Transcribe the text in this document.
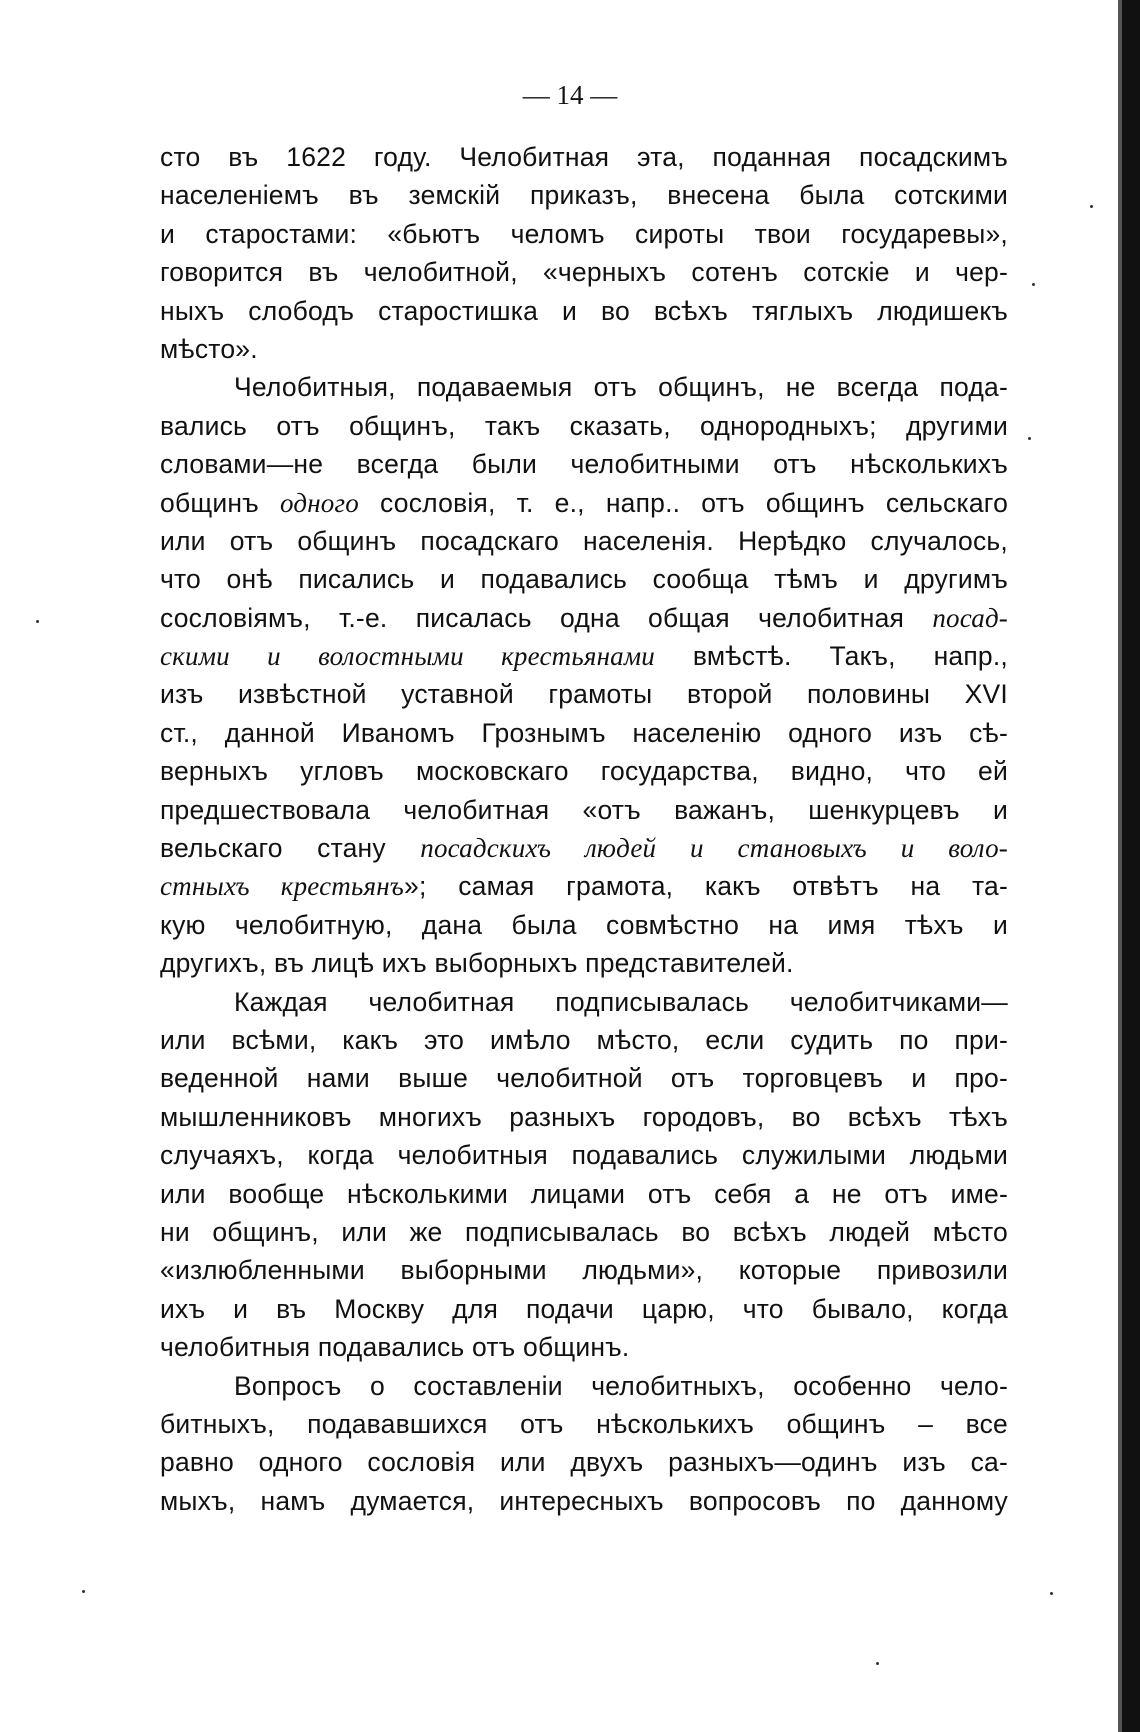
— 14 —
сто въ 1622 году. Челобитная эта, поданная посадскимъ
населеніемъ въ земскій приказъ, внесена была сотскими
и старостами: «бьютъ челомъ сироты твои государевы»,
говорится въ челобитной, «черныхъ сотенъ сотскіе и чер-
ныхъ слободъ старостишка и во всѣхъ тяглыхъ людишекъ
мѣсто».
Челобитныя, подаваемыя отъ общинъ, не всегда пода-
вались отъ общинъ, такъ сказать, однородныхъ; другими
словами—не всегда были челобитными отъ нѣсколькихъ
общинъ одного сословія, т. е., напр.. отъ общинъ сельскаго
или отъ общинъ посадскаго населенія. Нерѣдко случалось,
что онѣ писались и подавались сообща тѣмъ и другимъ
сословіямъ, т.-е. писалась одна общая челобитная посад-
скими и волостными крестьянами вмѣстѣ. Такъ, напр.,
изъ извѣстной уставной грамоты второй половины XVI
ст., данной Иваномъ Грознымъ населенію одного изъ сѣ-
верныхъ угловъ московскаго государства, видно, что ей
предшествовала челобитная «отъ важанъ, шенкурцевъ и
вельскаго стану посадскихъ людей и становыхъ и воло-
стныхъ крестьянъ»; самая грамота, какъ отвѣтъ на та-
кую челобитную, дана была совмѣстно на имя тѣхъ и
другихъ, въ лицѣ ихъ выборныхъ представителей.
Каждая челобитная подписывалась челобитчиками—
или всѣми, какъ это имѣло мѣсто, если судить по при-
веденной нами выше челобитной отъ торговцевъ и про-
мышленниковъ многихъ разныхъ городовъ, во всѣхъ тѣхъ
случаяхъ, когда челобитныя подавались служилыми людьми
или вообще нѣсколькими лицами отъ себя а не отъ име-
ни общинъ, или же подписывалась во всѣхъ людей мѣсто
«излюбленными выборными людьми», которые привозили
ихъ и въ Москву для подачи царю, что бывало, когда
челобитныя подавались отъ общинъ.
Вопросъ о составленіи челобитныхъ, особенно чело-
битныхъ, подававшихся отъ нѣсколькихъ общинъ – все
равно одного сословія или двухъ разныхъ—одинъ изъ са-
мыхъ, намъ думается, интересныхъ вопросовъ по данному
